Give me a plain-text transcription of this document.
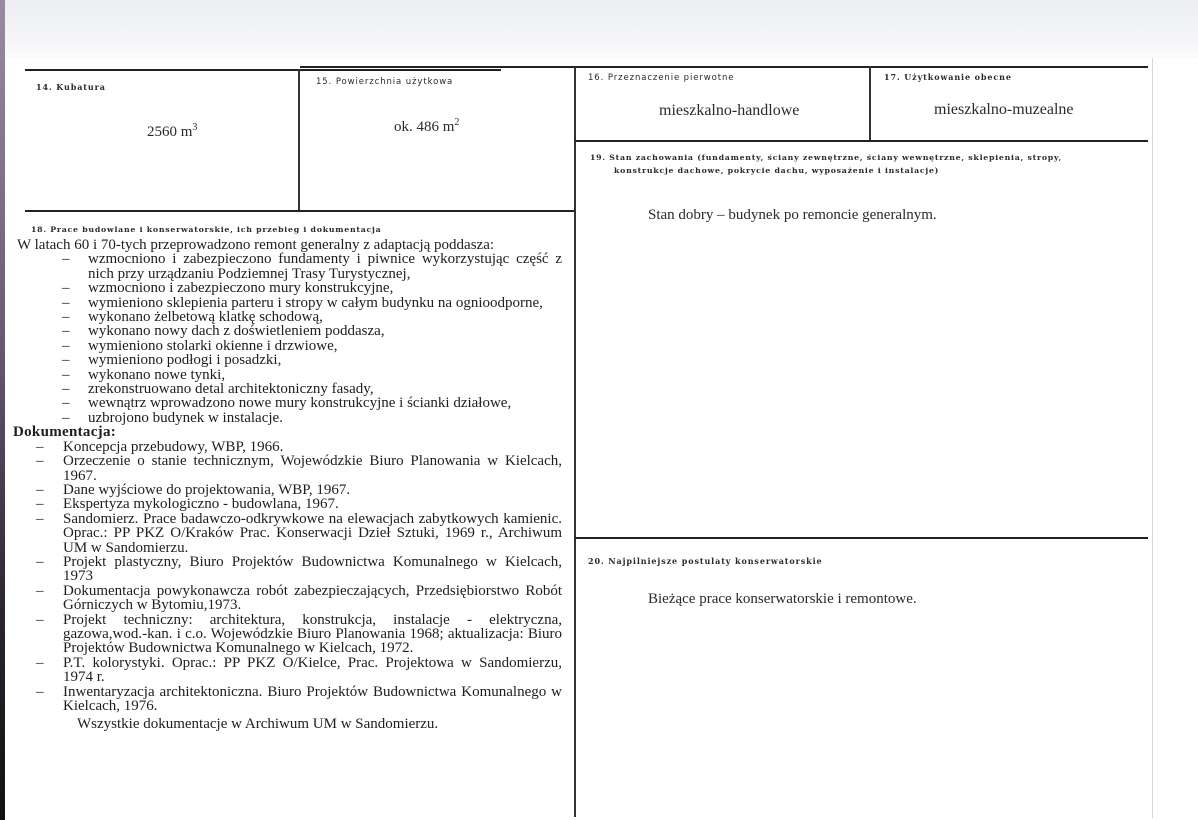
14. Kubatura
2560 $m^3$
15. Powierzchnia użytkowa
ok. 486 $m^2$
16. Przeznaczenie pierwotne
mieszkalno-handlowe
17. Użytkowanie obecne
mieszkalno-muzealne
19. Stan zachowania (fundamenty, ściany zewnętrzne, ściany wewnętrzne, sklepienia, stropy,
konstrukcje dachowe, pokrycie dachu, wyposażenie i instalacje)
Stan dobry – budynek po remoncie generalnym.
20. Najpilniejsze postulaty konserwatorskie
Bieżące prace konserwatorskie i remontowe.
18. Prace budowlane i konserwatorskie, ich przebieg i dokumentacja
W latach 60 i 70-tych przeprowadzono remont generalny z adaptacją poddasza:
– wzmocniono i zabezpieczono fundamenty i piwnice wykorzystując część z nich przy urządzaniu Podziemnej Trasy Turystycznej,
– wzmocniono i zabezpieczono mury konstrukcyjne,
– wymieniono sklepienia parteru i stropy w całym budynku na ognioodporne,
– wykonano żelbetową klatkę schodową,
– wykonano nowy dach z doświetleniem poddasza,
– wymieniono stolarki okienne i drzwiowe,
– wymieniono podłogi i posadzki,
– wykonano nowe tynki,
– zrekonstruowano detal architektoniczny fasady,
– wewnątrz wprowadzono nowe mury konstrukcyjne i ścianki działowe,
– uzbrojono budynek w instalacje.
Dokumentacja:
– Koncepcja przebudowy, WBP, 1966.
– Orzeczenie o stanie technicznym, Wojewódzkie Biuro Planowania w Kielcach, 1967.
– Dane wyjściowe do projektowania, WBP, 1967.
– Ekspertyza mykologiczno - budowlana, 1967.
– Sandomierz. Prace badawczo-odkrywkowe na elewacjach zabytkowych kamienic. Oprac.: PP PKZ O/Kraków Prac. Konserwacji Dzieł Sztuki, 1969 r., Archiwum UM w Sandomierzu.
– Projekt plastyczny, Biuro Projektów Budownictwa Komunalnego w Kielcach, 1973
– Dokumentacja powykonawcza robót zabezpieczających, Przedsiębiorstwo Robót Górniczych w Bytomiu,1973.
– Projekt techniczny: architektura, konstrukcja, instalacje - elektryczna, gazowa,wod.-kan. i c.o. Wojewódzkie Biuro Planowania 1968; aktualizacja: Biuro Projektów Budownictwa Komunalnego w Kielcach, 1972.
– P.T. kolorystyki. Oprac.: PP PKZ O/Kielce, Prac. Projektowa w Sandomierzu, 1974 r.
– Inwentaryzacja architektoniczna. Biuro Projektów Budownictwa Komunalnego w Kielcach, 1976.
Wszystkie dokumentacje w Archiwum UM w Sandomierzu.
